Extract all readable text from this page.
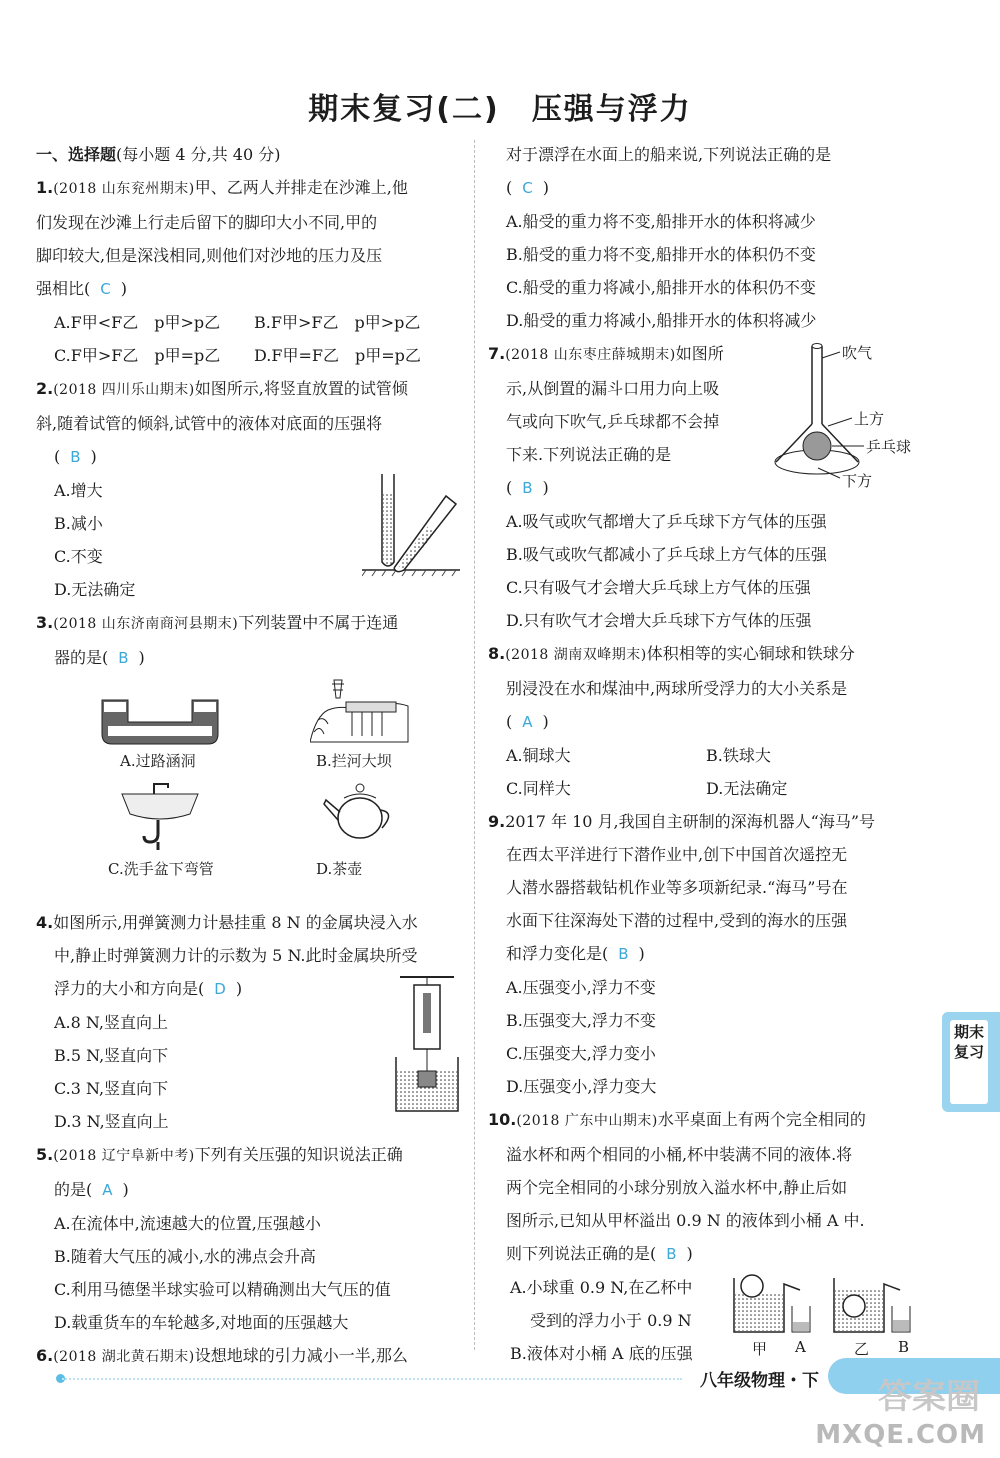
期末复习(二)　压强与浮力

一、选择题(每小题 4 分,共 40 分)

1.(2018 山东兖州期末)甲、乙两人并排走在沙滩上,他

们发现在沙滩上行走后留下的脚印大小不同,甲的

脚印较大,但是深浅相同,则他们对沙地的压力及压

强相比( C )

A.F甲<F乙　p甲>p乙	B.F甲>F乙　p甲>p乙
C.F甲>F乙　p甲=p乙	D.F甲=F乙　p甲=p乙

2.(2018 四川乐山期末)如图所示,将竖直放置的试管倾

斜,随着试管的倾斜,试管中的液体对底面的压强将

( B )

A.增大

B.减小

C.不变

D.无法确定

3.(2018 山东济南商河县期末)下列装置中不属于连通

器的是( B )

4.如图所示,用弹簧测力计悬挂重 8 N 的金属块浸入水

中,静止时弹簧测力计的示数为 5 N.此时金属块所受

浮力的大小和方向是( D )

A.8 N,竖直向上

B.5 N,竖直向下

C.3 N,竖直向下

D.3 N,竖直向上

5.(2018 辽宁阜新中考)下列有关压强的知识说法正确

的是( A )

A.在流体中,流速越大的位置,压强越小

B.随着大气压的减小,水的沸点会升高

C.利用马德堡半球实验可以精确测出大气压的值

D.载重货车的车轮越多,对地面的压强越大

6.(2018 湖北黄石期末)设想地球的引力减小一半,那么

对于漂浮在水面上的船来说,下列说法正确的是

( C )

A.船受的重力将不变,船排开水的体积将减少

B.船受的重力将不变,船排开水的体积仍不变

C.船受的重力将减小,船排开水的体积仍不变

D.船受的重力将减小,船排开水的体积将减少

7.(2018 山东枣庄薛城期末)如图所

示,从倒置的漏斗口用力向上吸

气或向下吹气,乒乓球都不会掉

下来.下列说法正确的是

( B )

A.吸气或吹气都增大了乒乓球下方气体的压强

B.吸气或吹气都减小了乒乓球上方气体的压强

C.只有吸气才会增大乒乓球上方气体的压强

D.只有吹气才会增大乒乓球下方气体的压强

8.(2018 湖南双峰期末)体积相等的实心铜球和铁球分

别浸没在水和煤油中,两球所受浮力的大小关系是

( A )

A.铜球大	B.铁球大
C.同样大	D.无法确定

9.2017 年 10 月,我国自主研制的深海机器人“海马”号

在西太平洋进行下潜作业中,创下中国首次遥控无

人潜水器搭载钻机作业等多项新纪录.“海马”号在

水面下往深海处下潜的过程中,受到的海水的压强

和浮力变化是( B )

A.压强变小,浮力不变

B.压强变大,浮力不变

C.压强变大,浮力变小

D.压强变小,浮力变大

10.(2018 广东中山期末)水平桌面上有两个完全相同的

溢水杯和两个相同的小桶,杯中装满不同的液体.将

两个完全相同的小球分别放入溢水杯中,静止后如

图所示,已知从甲杯溢出 0.9 N 的液体到小桶 A 中.

则下列说法正确的是( B )

A.小球重 0.9 N,在乙杯中

受到的浮力小于 0.9 N

B.液体对小桶 A 底的压强

A.过路涵洞	B.拦河大坝
C.洗手盆下弯管	D.茶壶
吹气
上方
乒乓球
下方
甲 A	乙 B
期末
复习
八年级物理・下 答案圈
MXQE.COM
